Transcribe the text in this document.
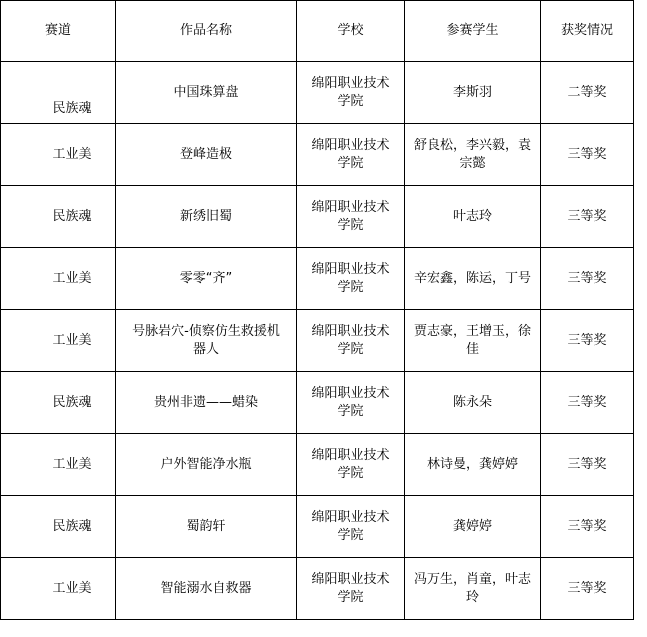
赛道	作品名称	学校	参赛学生	获奖情况
民族魂	中国珠算盘	绵阳职业技术学院	李斯羽	二等奖
工业美	登峰造极	绵阳职业技术学院	舒良松，李兴毅，袁宗懿	三等奖
民族魂	新绣旧蜀	绵阳职业技术学院	叶志玲	三等奖
工业美	零零“齐”	绵阳职业技术学院	辛宏鑫，陈运，丁号	三等奖
工业美	号脉岩穴-侦察仿生救援机器人	绵阳职业技术学院	贾志豪，王增玉，徐佳	三等奖
民族魂	贵州非遗——蜡染	绵阳职业技术学院	陈永朵	三等奖
工业美	户外智能净水瓶	绵阳职业技术学院	林诗曼，龚婷婷	三等奖
民族魂	蜀韵轩	绵阳职业技术学院	龚婷婷	三等奖
工业美	智能溺水自救器	绵阳职业技术学院	冯万生，肖童，叶志玲	三等奖
